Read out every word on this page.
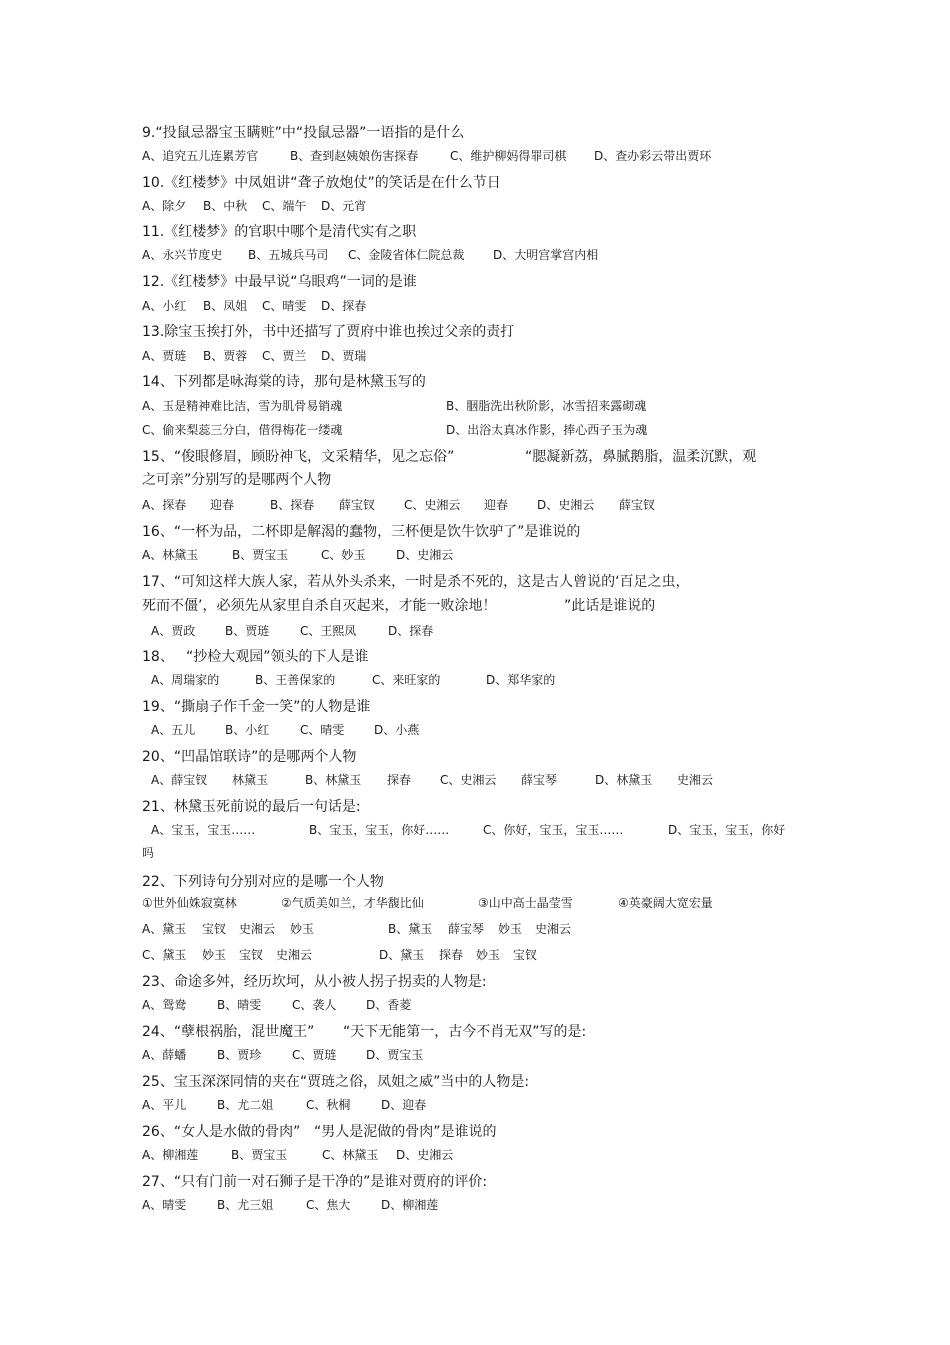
9.“投鼠忌器宝玉瞒赃”中“投鼠忌器”一语指的是什么
A、追究五儿连累芳官	B、查到赵姨娘伤害探春	C、维护柳妈得罪司棋 D、查办彩云带出贾环
10.《红楼梦》中凤姐讲“聋子放炮仗”的笑话是在什么节日
A、除夕 B、中秋 C、端午 D、元宵
11.《红楼梦》的官职中哪个是清代实有之职
A、永兴节度史 B、五城兵马司 C、金陵省体仁院总裁 D、大明宫掌宫内相
12.《红楼梦》中最早说“乌眼鸡”一词的是谁
A、小红 B、凤姐 C、晴雯 D、探春
13.除宝玉挨打外，书中还描写了贾府中谁也挨过父亲的责打
A、贾琏 B、贾蓉 C、贾兰 D、贾瑞
14、下列都是咏海棠的诗，那句是林黛玉写的
A、玉是精神难比洁，雪为肌骨易销魂	B、胭脂洗出秋阶影，冰雪招来露砌魂
C、偷来梨蕊三分白，借得梅花一缕魂	D、出浴太真冰作影，捧心西子玉为魂
15、“俊眼修眉，顾盼神飞，文采精华，见之忘俗”	“腮凝新荔，鼻腻鹅脂，温柔沉默，观
之可亲”分别写的是哪两个人物
A、探春 迎春	B、探春 薛宝钗 C、史湘云 迎春 D、史湘云 薛宝钗
16、“一杯为品，二杯即是解渴的蠢物，三杯便是饮牛饮驴了”是谁说的
A、林黛玉	B、贾宝玉	C、妙玉	D、史湘云
17、“可知这样大族人家，若从外头杀来，一时是杀不死的，这是古人曾说的‘百足之虫，
死而不僵’，必须先从家里自杀自灭起来，才能一败涂地！	”此话是谁说的
A、贾政 B、贾琏	C、王熙凤	D、探春
18、 “抄检大观园”领头的下人是谁
A、周瑞家的	B、王善保家的	C、来旺家的	D、郑华家的
19、“撕扇子作千金一笑”的人物是谁
A、五儿 B、小红	C、晴雯 D、小燕
20、“凹晶馆联诗”的是哪两个人物
A、薛宝钗 林黛玉	B、林黛玉 探春 C、史湘云 薛宝琴	D、林黛玉 史湘云
21、林黛玉死前说的最后一句话是:
A、宝玉，宝玉……	B、宝玉，宝玉，你好……	C、你好，宝玉，宝玉……	D、宝玉，宝玉，你好
吗
22、下列诗句分别对应的是哪一个人物
①世外仙姝寂寞林	②气质美如兰，才华馥比仙	③山中高士晶莹雪	④英豪阔大宽宏量
A、黛玉 宝钗 史湘云 妙玉	B、黛玉 薛宝琴 妙玉 史湘云
C、黛玉 妙玉 宝钗 史湘云	D、黛玉 探春 妙玉 宝钗
23、命途多舛，经历坎坷，从小被人拐子拐卖的人物是:
A、鸳鸯	B、晴雯	C、袭人 D、香菱
24、“孽根祸胎，混世魔王” “天下无能第一，古今不肖无双”写的是:
A、薛蟠	B、贾珍	C、贾琏 D、贾宝玉
25、宝玉深深同情的夹在“贾琏之俗，凤姐之威”当中的人物是:
A、平儿	B、尤二姐	C、秋桐	D、迎春
26、“女人是水做的骨肉” “男人是泥做的骨肉”是谁说的
A、柳湘莲	B、贾宝玉	C、林黛玉 D、史湘云
27、“只有门前一对石狮子是干净的”是谁对贾府的评价:
A、晴雯	B、尤三姐	C、焦大	D、柳湘莲
